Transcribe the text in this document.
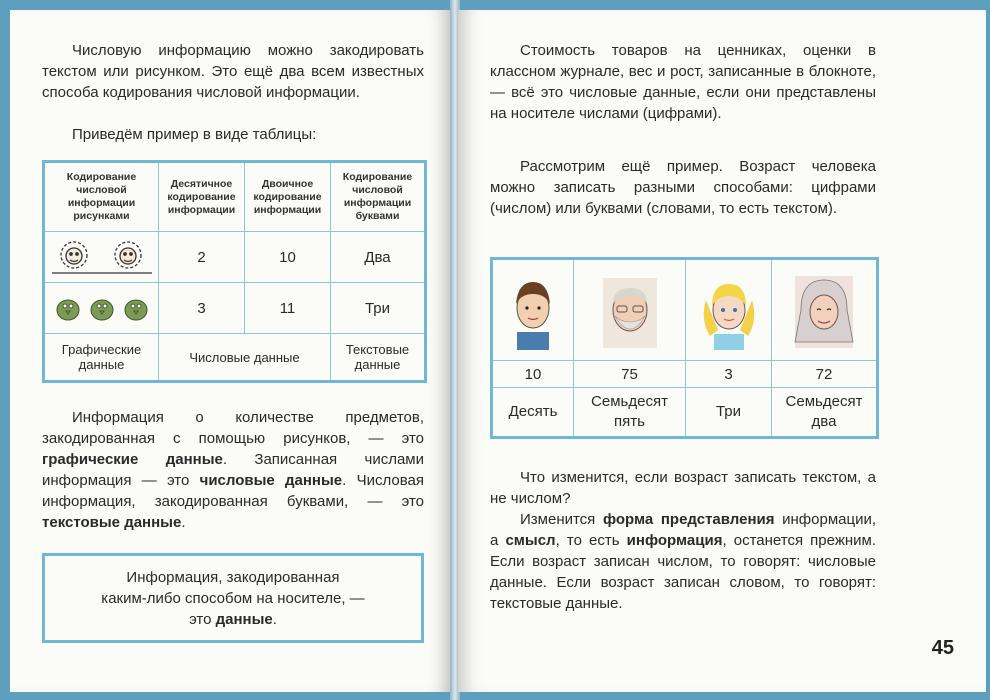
Числовую информацию можно закодировать текстом или рисунком. Это ещё два всем известных способа кодирования числовой информации.

Приведём пример в виде таблицы:

Кодирование числовой информации рисунками	Десятичное кодирование информации	Двоичное кодирование информации	Кодирование числовой информации буквами

	2	10	Два

	3	11	Три
Графические данные	Числовые данные		Текстовые данные

Информация о количестве предметов, закодированная с помощью рисунков, — это графические данные. Записанная числами информация — это числовые данные. Числовая информация, закодированная буквами, — это текстовые данные.

Информация, закодированная
каким-либо способом на носителе, —
это данные.

Стоимость товаров на ценниках, оценки в классном журнале, вес и рост, записанные в блокноте, — всё это числовые данные, если они представлены на носителе числами (цифрами).

Рассмотрим ещё пример. Возраст человека можно записать разными способами: цифрами (числом) или буквами (словами, то есть текстом).

10	75	3	72
Десять	Семьдесят пять	Три	Семьдесят два

Что изменится, если возраст записать текстом, а не числом?

Изменится форма представления информации, а смысл, то есть информация, останется прежним. Если возраст записан числом, то говорят: числовые данные. Если возраст записан словом, то говорят: текстовые данные.

45
